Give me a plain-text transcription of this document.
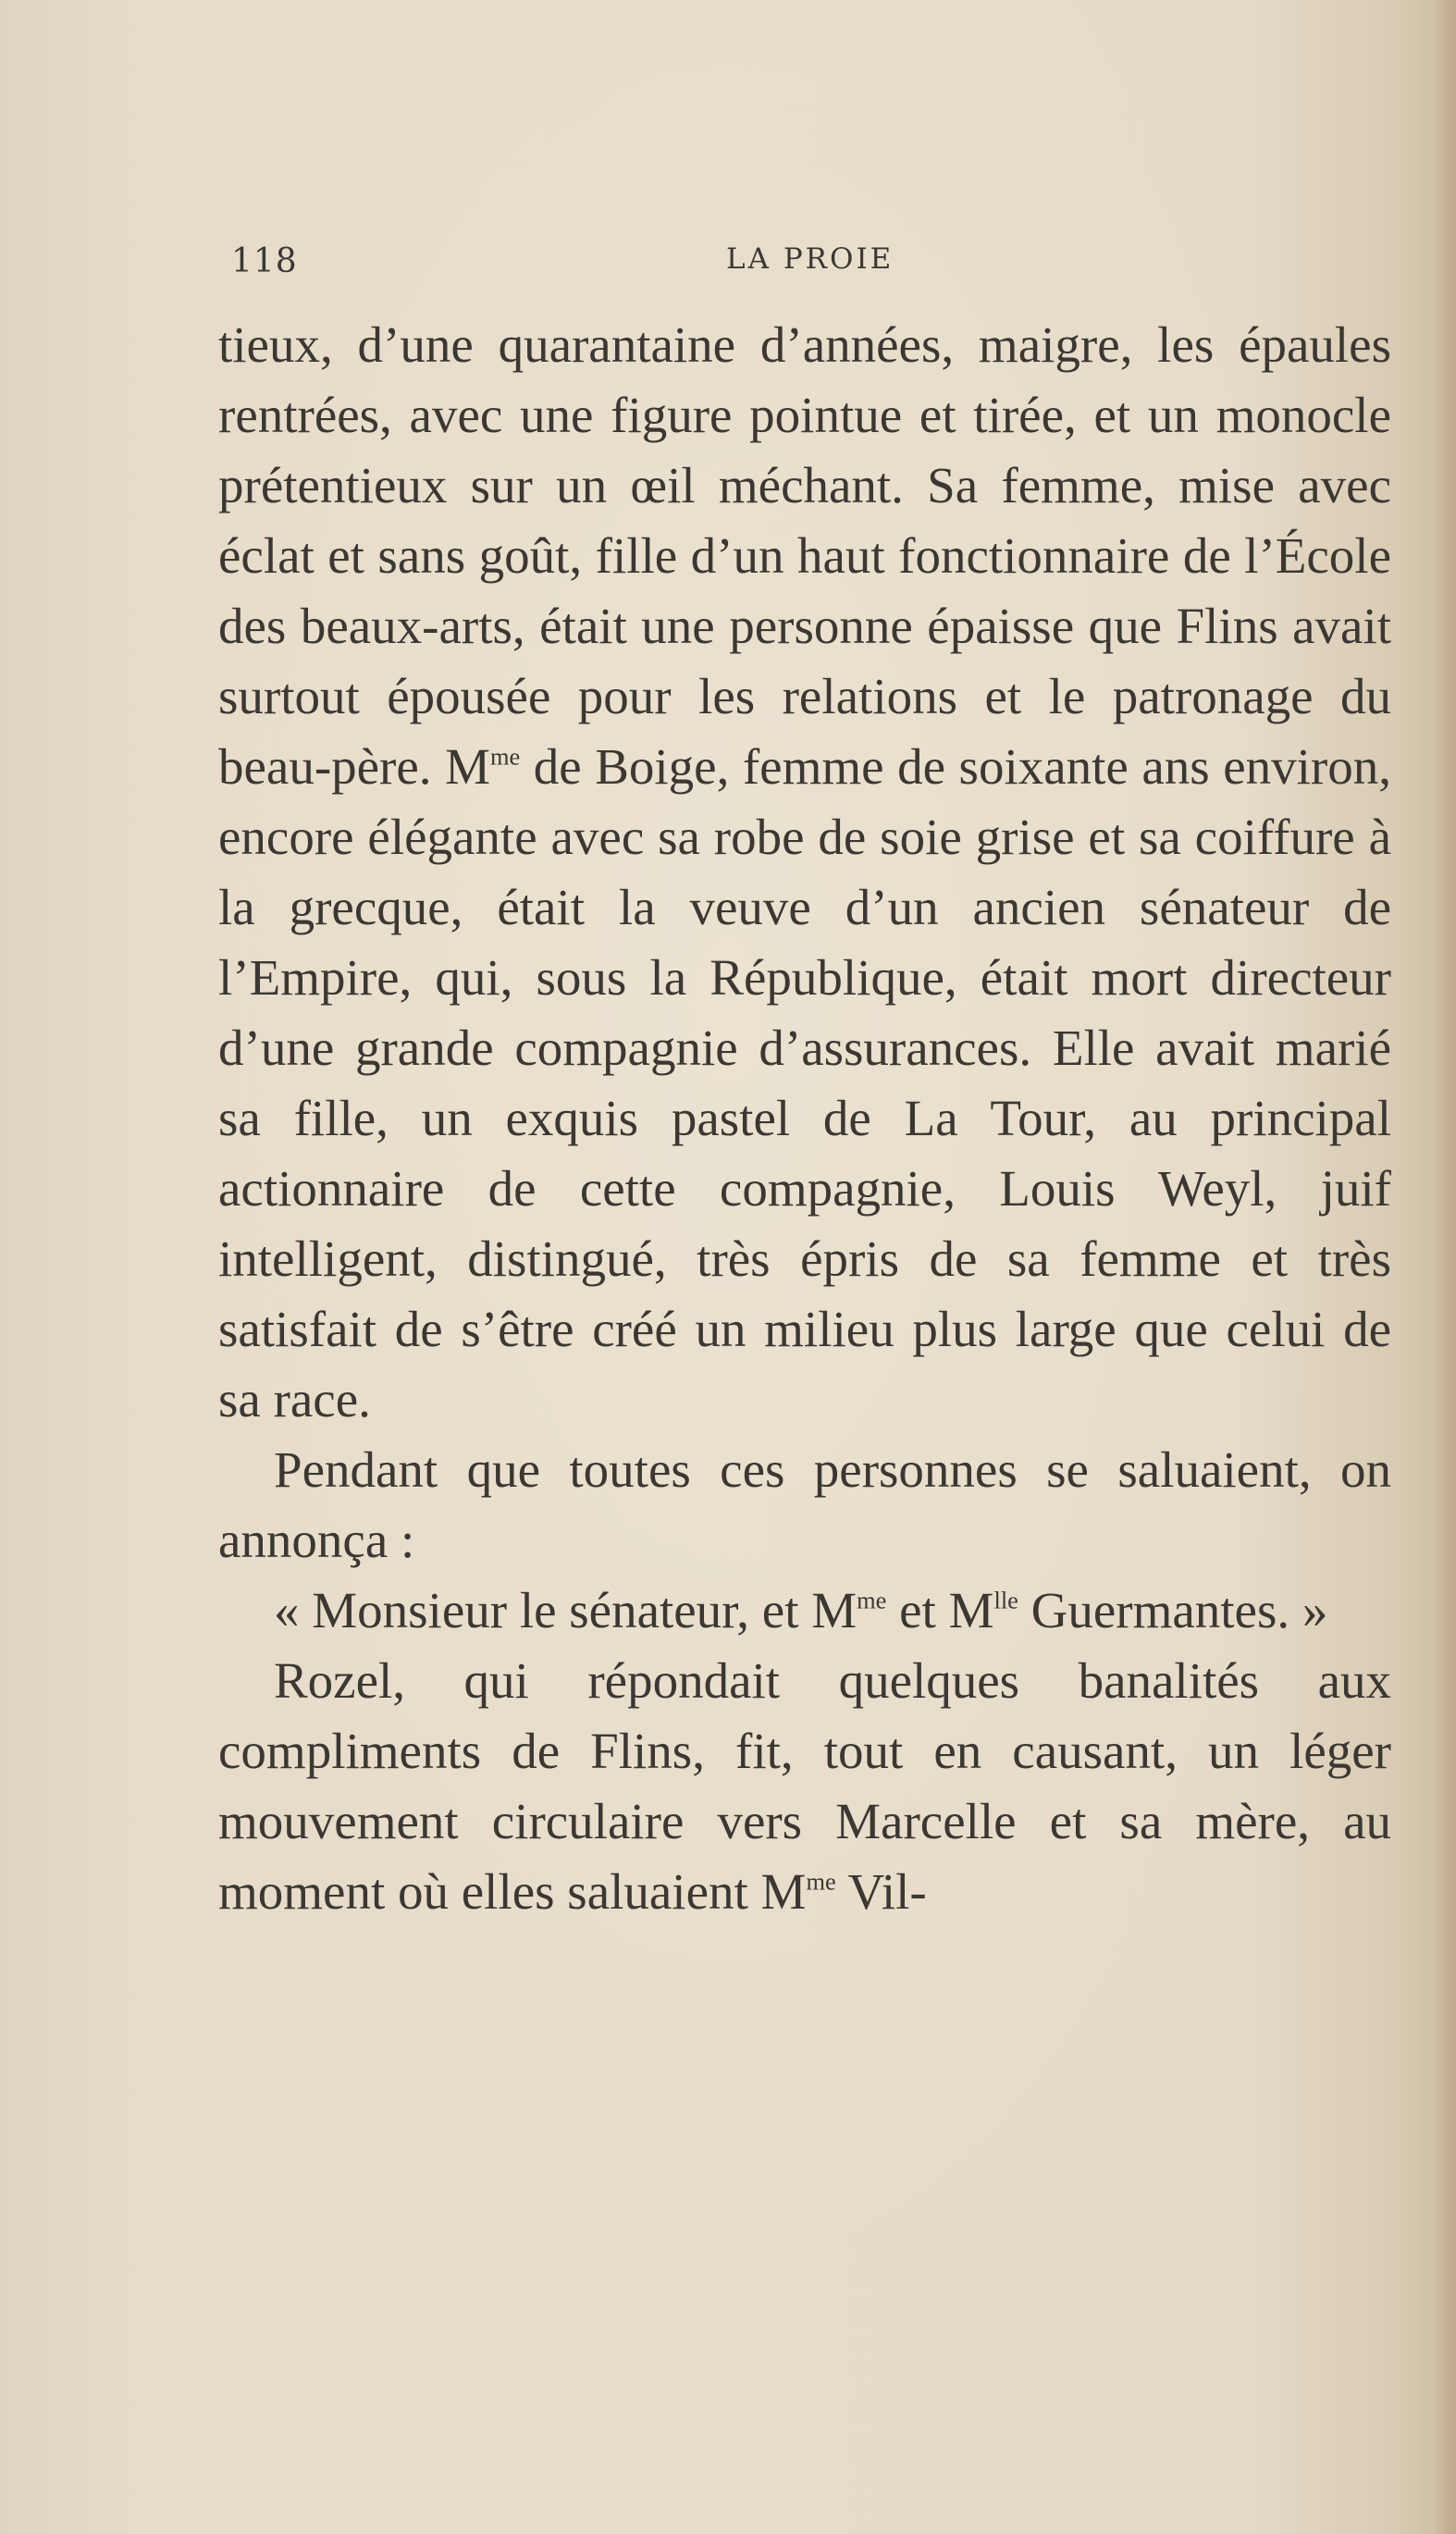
118	LA PROIE

tieux, d’une quarantaine d’années, maigre, les épaules rentrées, avec une figure pointue et tirée, et un monocle prétentieux sur un œil méchant. Sa femme, mise avec éclat et sans goût, fille d’un haut fonctionnaire de l’École des beaux-arts, était une personne épaisse que Flins avait surtout épousée pour les relations et le patronage du beau-père. $M^{me}$ de Boige, femme de soixante ans environ, encore élégante avec sa robe de soie grise et sa coiffure à la grecque, était la veuve d’un ancien sénateur de l’Empire, qui, sous la République, était mort directeur d’une grande compagnie d’assurances. Elle avait marié sa fille, un exquis pastel de La Tour, au principal actionnaire de cette compagnie, Louis Weyl, juif intelligent, distingué, très épris de sa femme et très satisfait de s’être créé un milieu plus large que celui de sa race.

Pendant que toutes ces personnes se saluaient, on annonça :

« Monsieur le sénateur, et $M^{me}$ et $M^{lle}$ Guermantes. »

Rozel, qui répondait quelques banalités aux compliments de Flins, fit, tout en causant, un léger mouvement circulaire vers Marcelle et sa mère, au moment où elles saluaient $M^{me}$ Vil-
